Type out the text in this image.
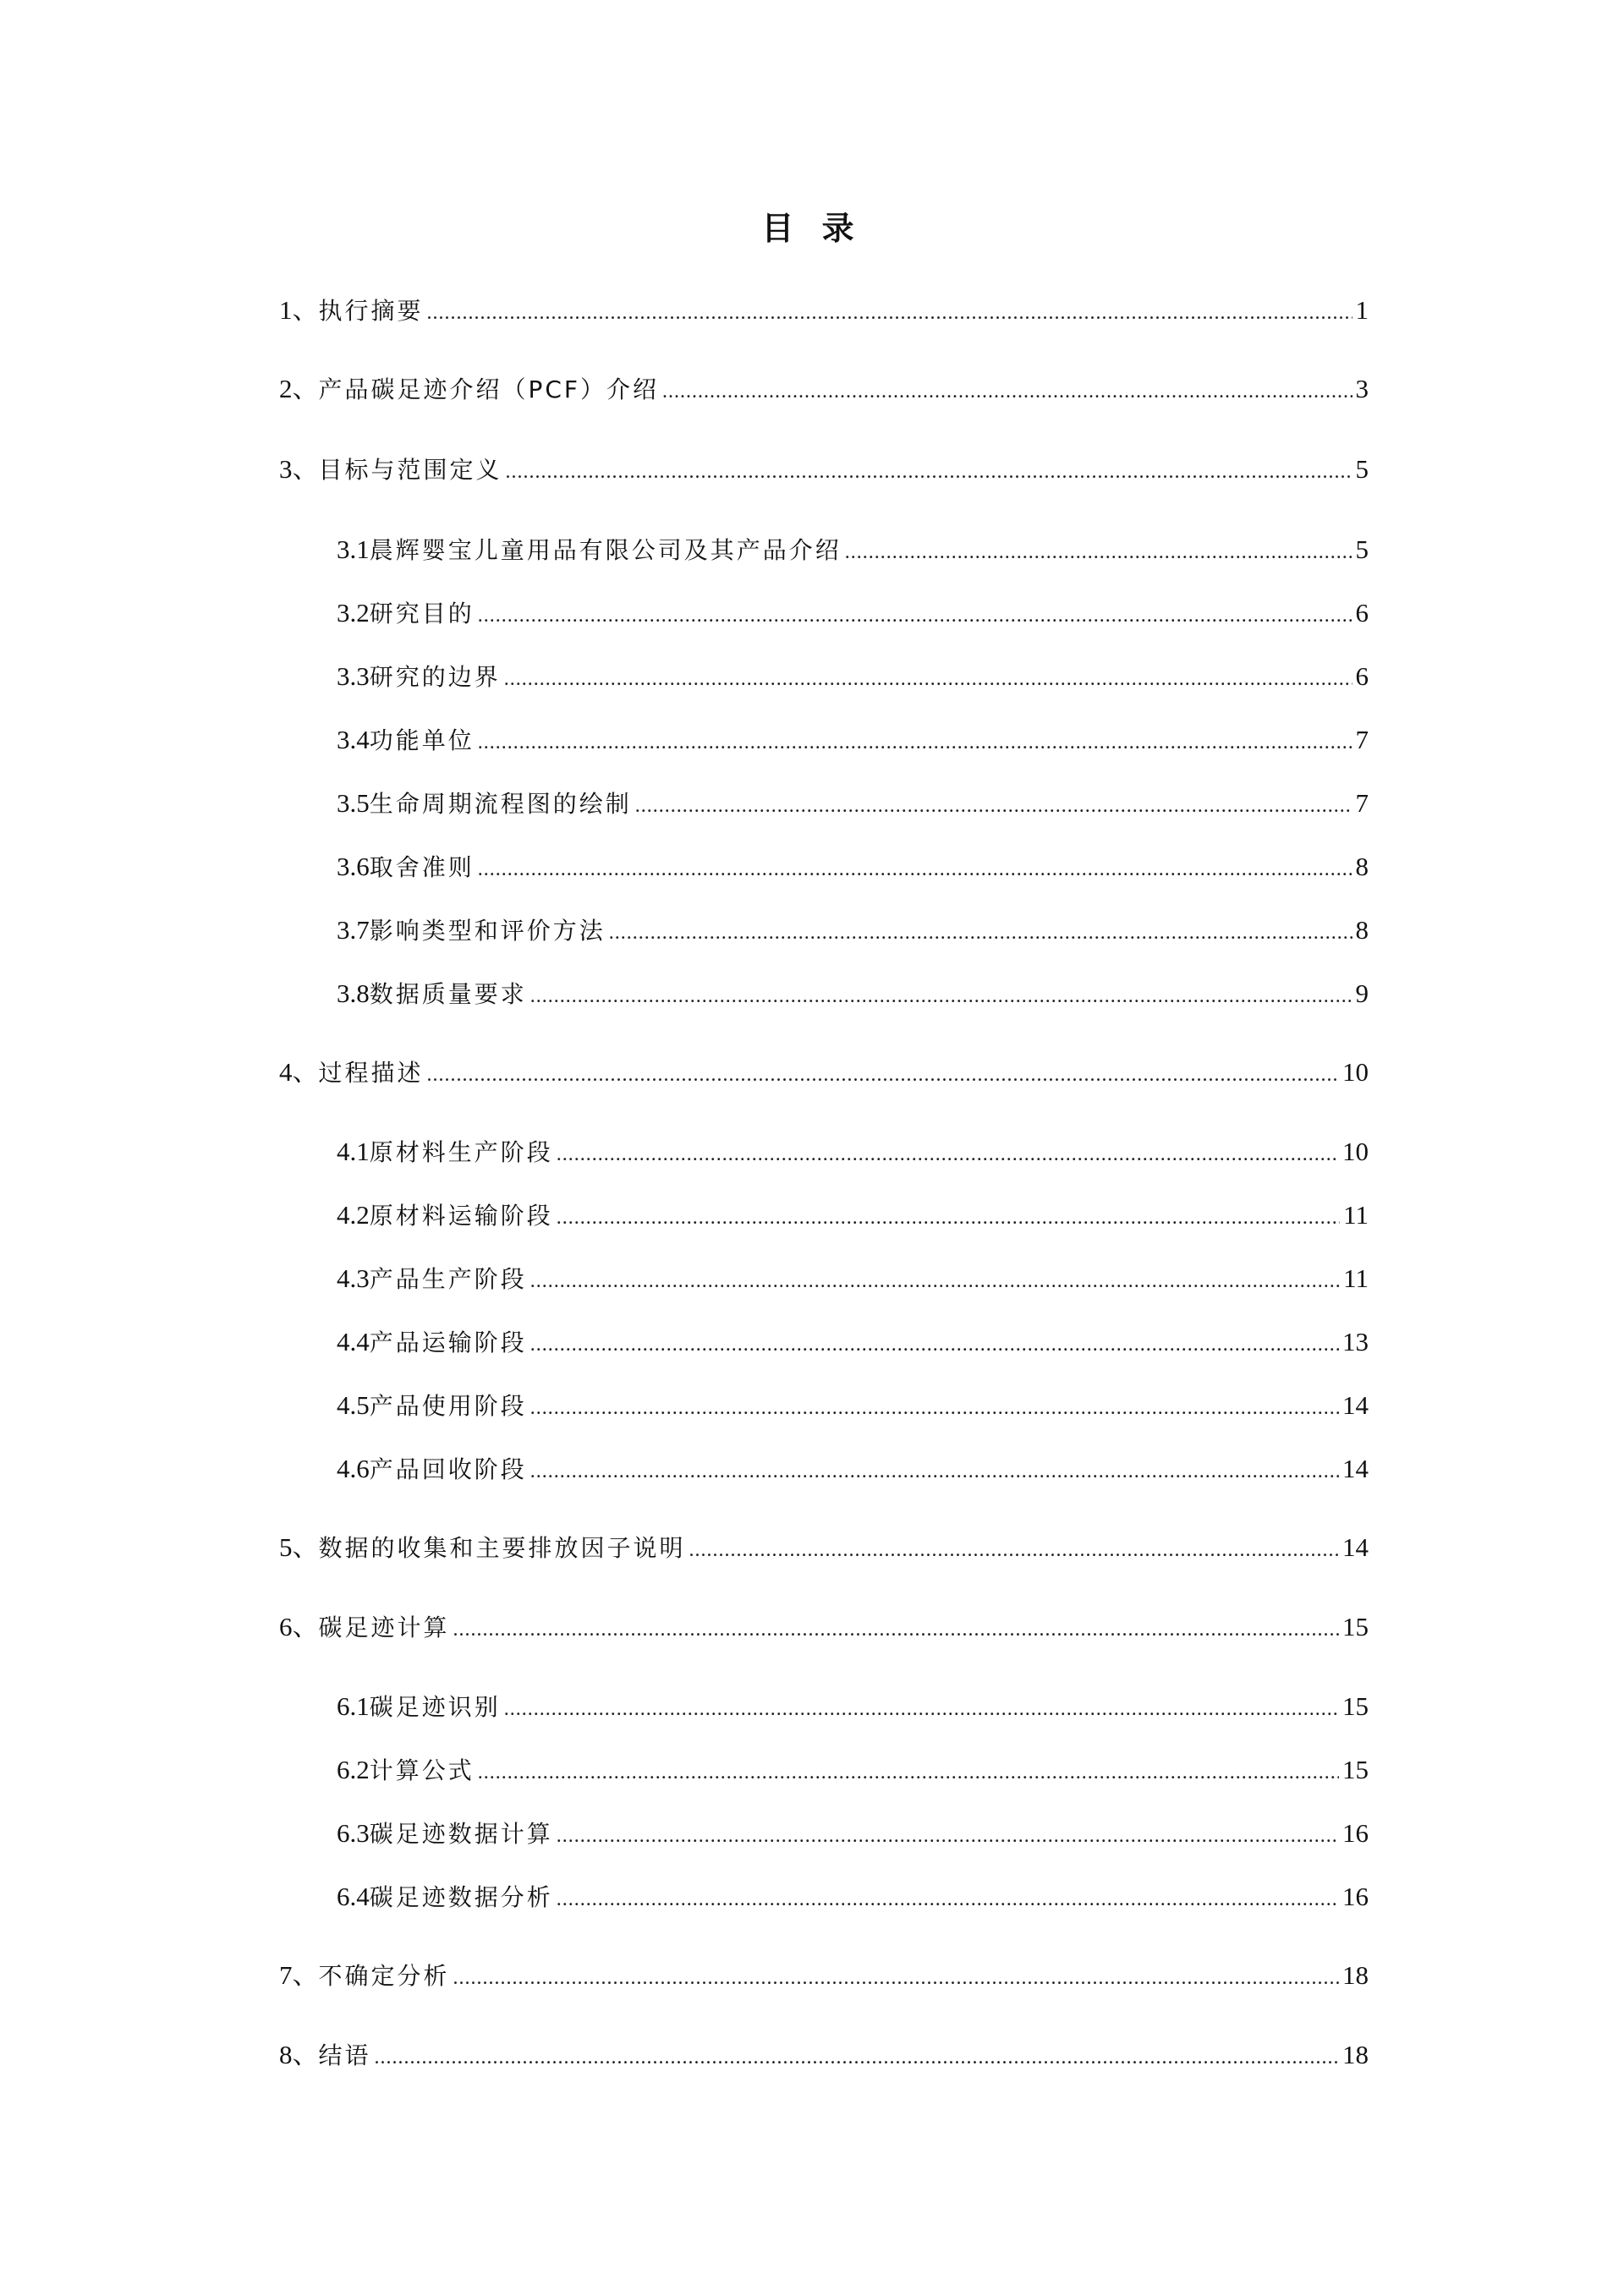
目 录
1、 执行摘要 .....	1
2、 产品碳足迹介绍（PCF）介绍 .....	3
3、 目标与范围定义 .....	5
3.1 晨辉婴宝儿童用品有限公司及其产品介绍 .....	5
3.2 研究目的 .....	6
3.3 研究的边界 .....	6
3.4 功能单位 .....	7
3.5 生命周期流程图的绘制 .....	7
3.6 取舍准则 .....	8
3.7 影响类型和评价方法 .....	8
3.8 数据质量要求 .....	9
4、 过程描述 .....	10
4.1 原材料生产阶段 .....	10
4.2 原材料运输阶段 .....	11
4.3 产品生产阶段 .....	11
4.4 产品运输阶段 .....	13
4.5 产品使用阶段 .....	14
4.6 产品回收阶段 .....	14
5、 数据的收集和主要排放因子说明 .....	14
6、 碳足迹计算 .....	15
6.1 碳足迹识别 .....	15
6.2 计算公式 .....	15
6.3 碳足迹数据计算 .....	16
6.4 碳足迹数据分析 .....	16
7、 不确定分析 .....	18
8、 结语 .....	18
